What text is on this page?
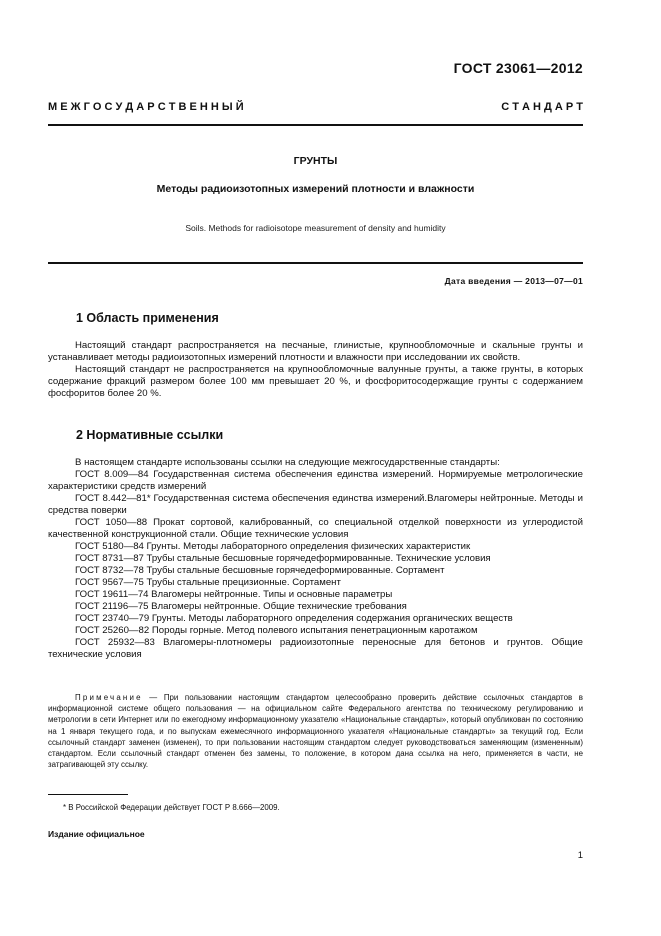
ГОСТ 23061—2012
М Е Ж Г О С У Д А Р С Т В Е Н Н Ы Й	С Т А Н Д А Р Т
ГРУНТЫ
Методы радиоизотопных измерений плотности и влажности
Soils. Methods for radioisotope measurement of density and humidity
Дата введения — 2013—07—01
1 Область применения

Настоящий стандарт распространяется на песчаные, глинистые, крупнообломочные и скальные грунты и устанавливает методы радиоизотопных измерений плотности и влажности при исследовании их свойств.

Настоящий стандарт не распространяется на крупнообломочные валунные грунты, а также грунты, в которых содержание фракций размером более 100 мм превышает 20 %, и фосфоритосодержащие грунты с содержанием фосфоритов более 20 %.

2 Нормативные ссылки

В настоящем стандарте использованы ссылки на следующие межгосударственные стандарты:

ГОСТ 8.009—84 Государственная система обеспечения единства измерений. Нормируемые метрологические характеристики средств измерений
ГОСТ 8.442—81* Государственная система обеспечения единства измерений.Влагомеры нейтронные. Методы и средства поверки
ГОСТ 1050—88 Прокат сортовой, калиброванный, со специальной отделкой поверхности из углеродистой качественной конструкционной стали. Общие технические условия
ГОСТ 5180—84 Грунты. Методы лабораторного определения физических характеристик
ГОСТ 8731—87 Трубы стальные бесшовные горячедеформированные. Технические условия
ГОСТ 8732—78 Трубы стальные бесшовные горячедеформированные. Сортамент
ГОСТ 9567—75 Трубы стальные прецизионные. Сортамент
ГОСТ 19611—74 Влагомеры нейтронные. Типы и основные параметры
ГОСТ 21196—75 Влагомеры нейтронные. Общие технические требования
ГОСТ 23740—79 Грунты. Методы лабораторного определения содержания органических веществ
ГОСТ 25260—82 Породы горные. Метод полевого испытания пенетрационным каротажом
ГОСТ 25932—83 Влагомеры-плотномеры радиоизотопные переносные для бетонов и грунтов. Общие технические условия
Примечание — При пользовании настоящим стандартом целесообразно проверить действие ссылочных стандартов в информационной системе общего пользования — на официальном сайте Федерального агентства по техническому регулированию и метрологии в сети Интернет или по ежегодному информационному указателю «Национальные стандарты», который опубликован по состоянию на 1 января текущего года, и по выпускам ежемесячного информационного указателя «Национальные стандарты» за текущий год. Если ссылочный стандарт заменен (изменен), то при пользовании настоящим стандартом следует руководствоваться заменяющим (измененным) стандартом. Если ссылочный стандарт отменен без замены, то положение, в котором дана ссылка на него, применяется в части, не затрагивающей эту ссылку.
* В Российской Федерации действует ГОСТ Р 8.666—2009.
Издание официальное
1
